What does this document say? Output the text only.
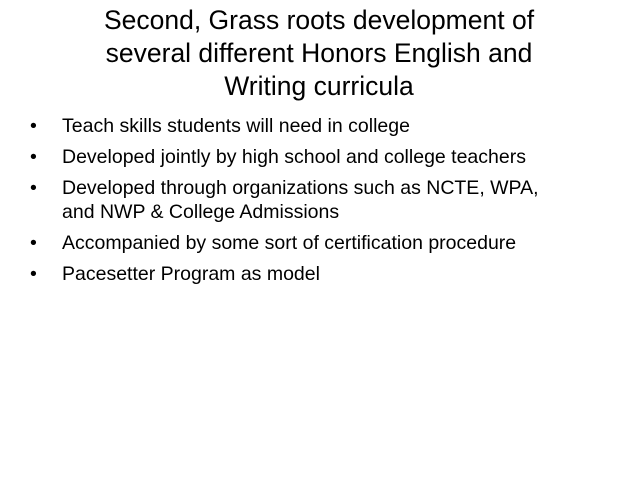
Second, Grass roots development of
several different Honors English and
Writing curricula
•	Teach skills students will need in college
•	Developed jointly by high school and college teachers
•	Developed through organizations such as NCTE, WPA, and NWP & College Admissions
•	Accompanied by some sort of certification procedure
•	Pacesetter Program as model
